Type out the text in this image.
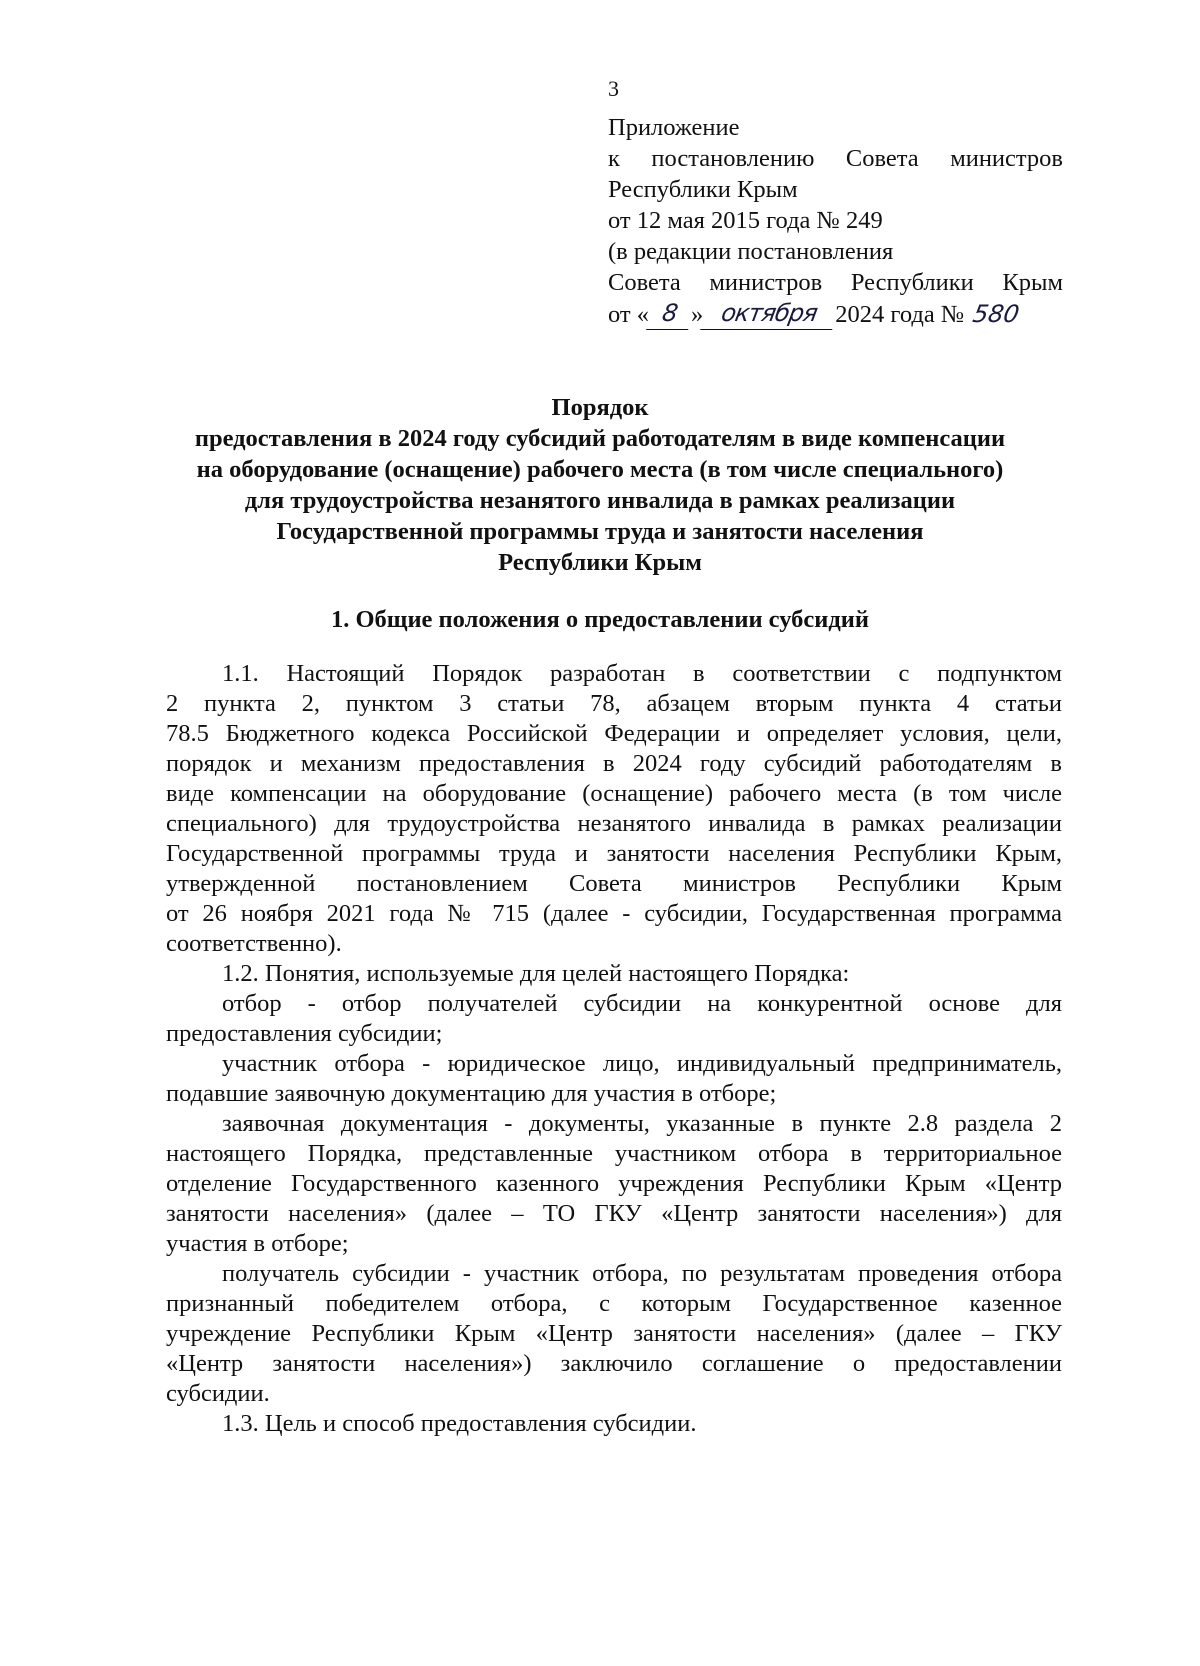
3
Приложение
к постановлению Совета министров
Республики Крым
от 12 мая 2015 года № 249
(в редакции постановления
Совета министров Республики Крым
от « 8 » октября 2024 года № 580
Порядок
предоставления в 2024 году субсидий работодателям в виде компенсации
на оборудование (оснащение) рабочего места (в том числе специального)
для трудоустройства незанятого инвалида в рамках реализации
Государственной программы труда и занятости населения
Республики Крым
1. Общие положения о предоставлении субсидий
1.1. Настоящий Порядок разработан в соответствии с подпунктом
2 пункта 2, пунктом 3 статьи 78, абзацем вторым пункта 4 статьи
78.5 Бюджетного кодекса Российской Федерации и определяет условия, цели,
порядок и механизм предоставления в 2024 году субсидий работодателям в
виде компенсации на оборудование (оснащение) рабочего места (в том числе
специального) для трудоустройства незанятого инвалида в рамках реализации
Государственной программы труда и занятости населения Республики Крым,
утвержденной постановлением Совета министров Республики Крым
от 26 ноября 2021 года № 715 (далее - субсидии, Государственная программа
соответственно).
1.2. Понятия, используемые для целей настоящего Порядка:
отбор - отбор получателей субсидии на конкурентной основе для
предоставления субсидии;
участник отбора - юридическое лицо, индивидуальный предприниматель,
подавшие заявочную документацию для участия в отборе;
заявочная документация - документы, указанные в пункте 2.8 раздела 2
настоящего Порядка, представленные участником отбора в территориальное
отделение Государственного казенного учреждения Республики Крым «Центр
занятости населения» (далее – ТО ГКУ «Центр занятости населения») для
участия в отборе;
получатель субсидии - участник отбора, по результатам проведения отбора
признанный победителем отбора, с которым Государственное казенное
учреждение Республики Крым «Центр занятости населения» (далее – ГКУ
«Центр занятости населения») заключило соглашение о предоставлении
субсидии.
1.3. Цель и способ предоставления субсидии.
